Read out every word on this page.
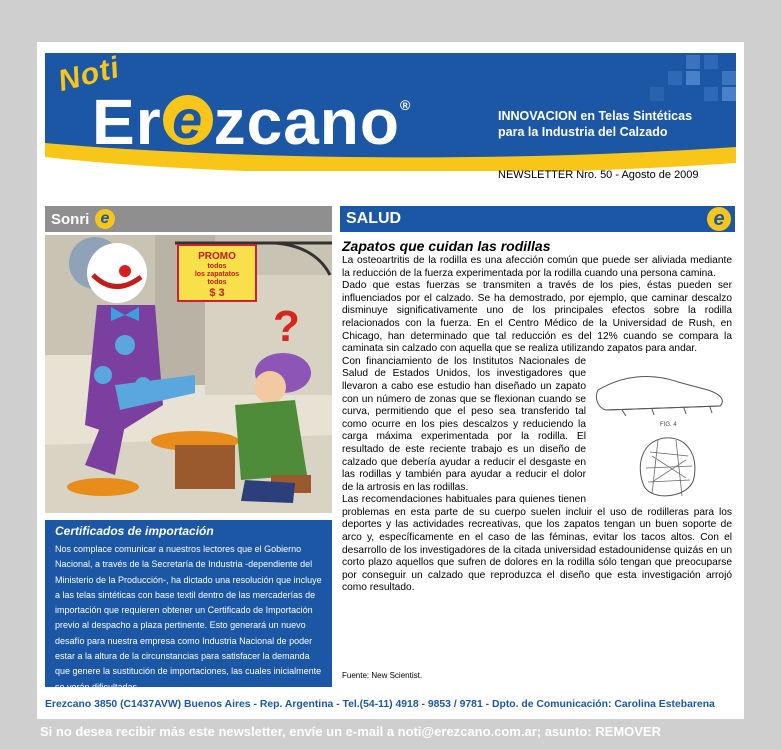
Noti
Er e zcano®
INNOVACION en Telas Sintéticas
para la Industria del Calzado
NEWSLETTER Nro. 50 - Agosto de 2009
Sonri e	SALUD	e
PROMO
todos
los zapatatos
todos
$ 3
?
Certificados de importación

Nos complace comunicar a nuestros lectores que el Gobierno Nacional, a través de la Secretaría de Industria -dependiente del Ministerio de la Producción-, ha dictado una resolución que incluye a las telas sintéticas con base textil dentro de las mercaderías de importación que requieren obtener un Certificado de Importación previo al despacho a plaza pertinente. Esto generará un nuevo desafío para nuestra empresa como Industria Nacional de poder estar a la altura de la circunstancias para satisfacer la demanda que genere la sustitución de importaciones, las cuales inicialmente se verán dificultadas.

Zapatos que cuidan las rodillas

La osteoartritis de la rodilla es una afección común que puede ser aliviada mediante la reducción de la fuerza experimentada por la rodilla cuando una persona camina.

Dado que estas fuerzas se transmiten a través de los pies, éstas pueden ser influenciados por el calzado. Se ha demostrado, por ejemplo, que caminar descalzo disminuye significativamente uno de los principales efectos sobre la rodilla relacionados con la fuerza. En el Centro Médico de la Universidad de Rush, en Chicago, han determinado que tal reducción es del 12% cuando se compara la caminata sin calzado con aquella que se realiza utilizando zapatos para andar.

FIG. 4

Con financiamiento de los Institutos Nacionales de Salud de Estados Unidos, los investigadores que llevaron a cabo ese estudio han diseñado un zapato con un número de zonas que se flexionan cuando se curva, permitiendo que el peso sea transferido tal como ocurre en los pies descalzos y reduciendo la carga máxima experimentada por la rodilla. El resultado de este reciente trabajo es un diseño de calzado que debería ayudar a reducir el desgaste en las rodillas y también para ayudar a reducir el dolor de la artrosis en las rodillas.

Las recomendaciones habituales para quienes tienen problemas en esta parte de su cuerpo suelen incluir el uso de rodilleras para los deportes y las actividades recreativas, que los zapatos tengan un buen soporte de arco y, específicamente en el caso de las féminas, evitar los tacos altos. Con el desarrollo de los investigadores de la citada universidad estadounidense quizás en un corto plazo aquellos que sufren de dolores en la rodilla sólo tengan que preocuparse por conseguir un calzado que reproduzca el diseño que esta investigación arrojó como resultado.

Fuente: New Scientist.
Erezcano 3850 (C1437AVW) Buenos Aires - Rep. Argentina - Tel.(54-11) 4918 - 9853 / 9781 - Dpto. de Comunicación: Carolina Estebarena
Si no desea recibir más este newsletter, envíe un e-mail a noti@erezcano.com.ar; asunto: REMOVER
